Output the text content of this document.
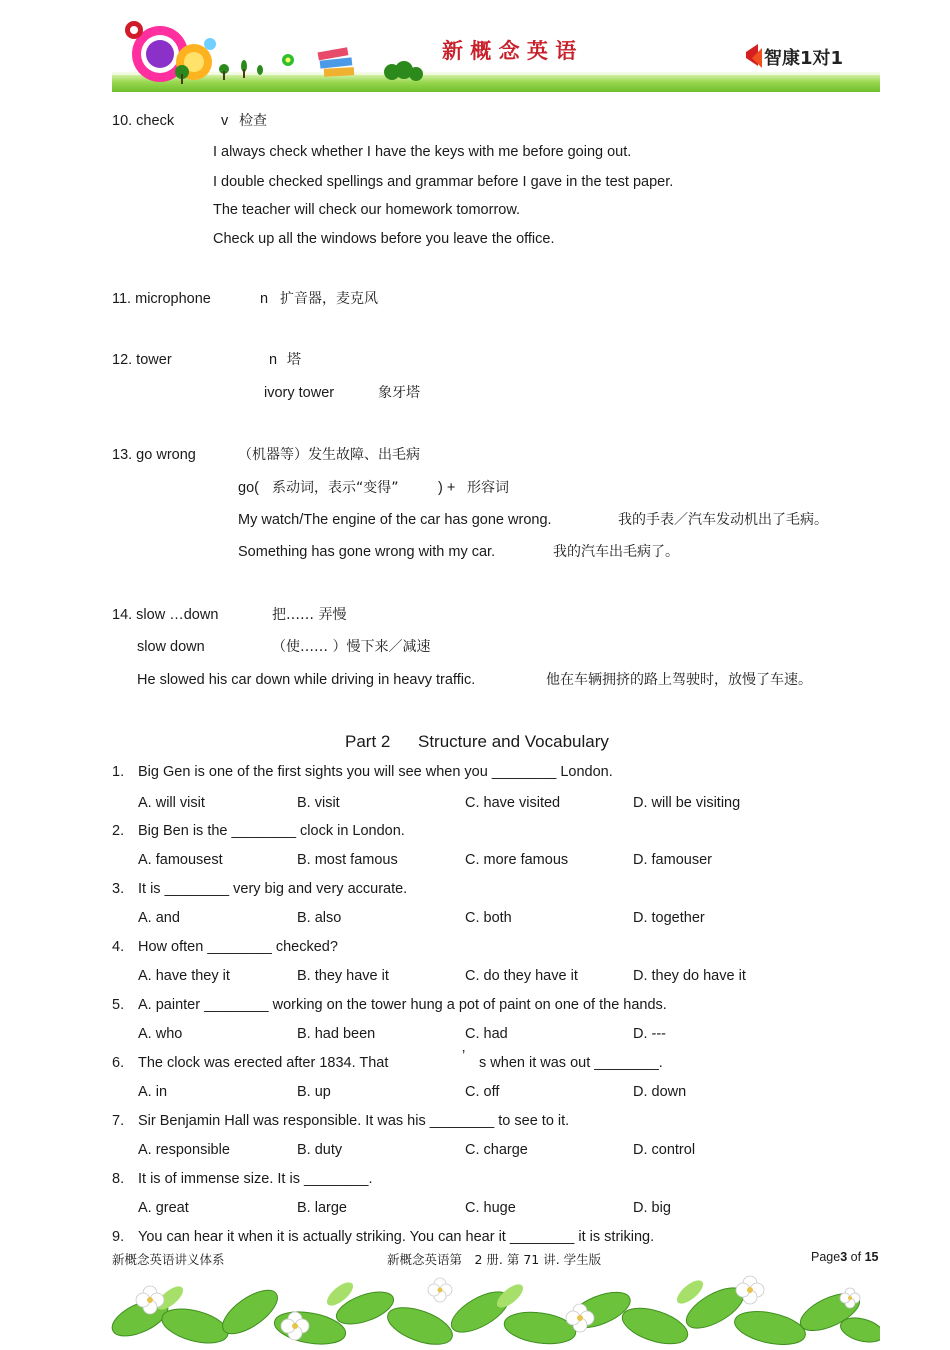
新 概 念 英 语	智康1对1
10. check	v 检查
I always check whether I have the keys with me before going out.
I double checked spellings and grammar before I gave in the test paper.
The teacher will check our homework tomorrow.
Check up all the windows before you leave the office.
11. microphone	n 扩音器，麦克风
12. tower	n 塔
ivory tower	象牙塔
13. go wrong	（机器等）发生故障、出毛病
go( 系动词，表示“变得”	) + 形容词
My watch/The engine of the car has gone wrong.	我的手表／汽车发动机出了毛病。
Something has gone wrong with my car.	我的汽车出毛病了。
14. slow …down	把…… 弄慢
slow down	（使…… ）慢下来／减速
He slowed his car down while driving in heavy traffic.	他在车辆拥挤的路上驾驶时，放慢了车速。
Part 2 Structure and Vocabulary
1. Big Gen is one of the first sights you will see when you ________ London.
A. will visit	B. visit	C. have visited	D. will be visiting
2. Big Ben is the ________ clock in London.
A. famousest	B. most famous	C. more famous	D. famouser
3. It is ________ very big and very accurate.
A. and	B. also	C. both	D. together
4. How often ________ checked?
A. have they it	B. they have it	C. do they have it	D. they do have it
5. A. painter ________ working on the tower hung a pot of paint on one of the hands.
A. who	B. had been	C. had	D. ---
6. The clock was erected after 1834. That	’ s when it was out ________.
A. in	B. up	C. off	D. down
7. Sir Benjamin Hall was responsible. It was his ________ to see to it.
A. responsible	B. duty	C. charge	D. control
8. It is of immense size. It is ________.
A. great	B. large	C. huge	D. big
9. You can hear it when it is actually striking. You can hear it ________ it is striking.
新概念英语讲义体系	新概念英语第　2 册. 第 71 讲. 学生版	Page3 of 15
